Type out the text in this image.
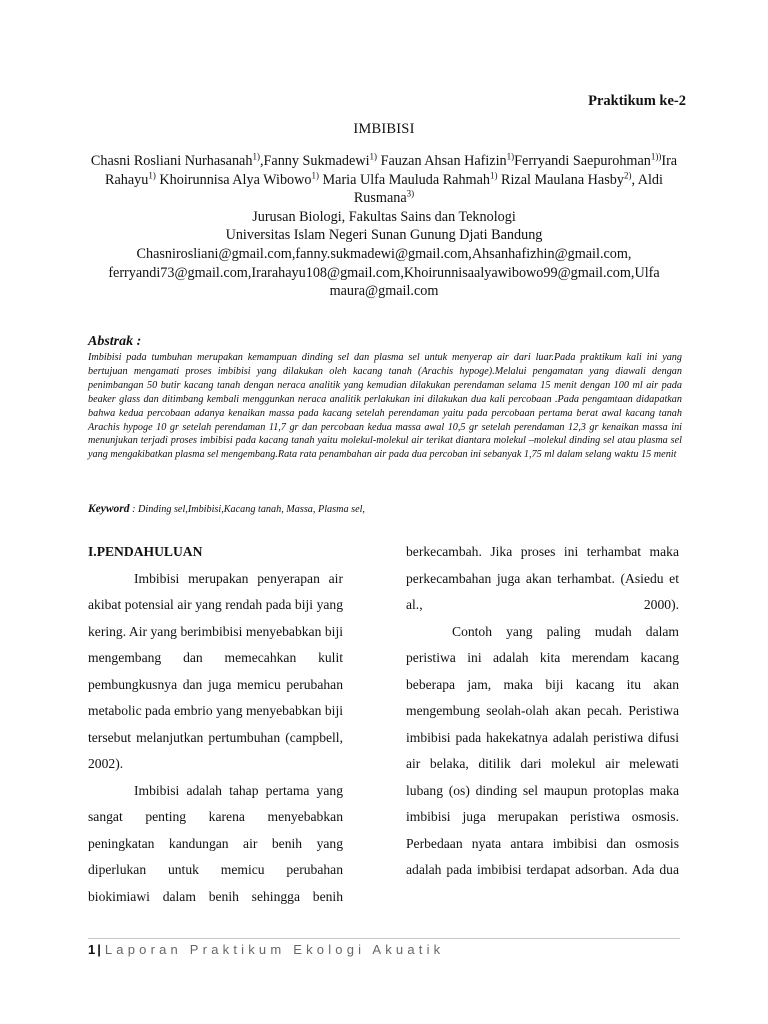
Praktikum ke-2
IMBIBISI
Chasni Rosliani Nurhasanah$^{1)}$,Fanny Sukmadewi$^{1)}$ Fauzan Ahsan Hafizin$^{1)}$Ferryandi Saepurohman$^{1))}$Ira Rahayu$^{1)}$ Khoirunnisa Alya Wibowo$^{1)}$ Maria Ulfa Mauluda Rahmah$^{1)}$ Rizal Maulana Hasby$^{2)}$, Aldi Rusmana$^{3)}$
Jurusan Biologi, Fakultas Sains dan Teknologi
Universitas Islam Negeri Sunan Gunung Djati Bandung
Chasnirosliani@gmail.com,fanny.sukmadewi@gmail.com,Ahsanhafizhin@gmail.com,
ferryandi73@gmail.com,Irarahayu108@gmail.com,Khoirunnisaalyawibowo99@gmail.com,Ulfa
maura@gmail.com
Abstrak :
Imbibisi pada tumbuhan merupakan kemampuan dinding sel dan plasma sel untuk menyerap air dari luar.Pada praktikum kali ini yang bertujuan mengamati proses imbibisi yang dilakukan oleh kacang tanah (Arachis hypoge).Melalui pengamatan yang diawali dengan penimbangan 50 butir kacang tanah dengan neraca analitik yang kemudian dilakukan perendaman selama 15 menit dengan 100 ml air pada beaker glass dan ditimbang kembali menggunkan neraca analitik perlakukan ini dilakukan dua kali percobaan .Pada pengamtaan didapatkan bahwa kedua percobaan adanya kenaikan massa pada kacang setelah perendaman yaitu pada percobaan pertama berat awal kacang tanah Arachis hypoge 10 gr setelah perendaman 11,7 gr dan percobaan kedua massa awal 10,5 gr setelah perendaman 12,3 gr kenaikan massa ini menunjukan terjadi proses imbibisi pada kacang tanah yaitu molekul-molekul air terikat diantara molekul –molekul dinding sel atau plasma sel yang mengakibatkan plasma sel mengembang.Rata rata penambahan air pada dua percoban ini sebanyak 1,75 ml dalam selang waktu 15 menit
Keyword : Dinding sel,Imbibisi,Kacang tanah, Massa, Plasma sel,

I.PENDAHULUAN

Imbibisi merupakan penyerapan air akibat potensial air yang rendah pada biji yang kering. Air yang berimbibisi menyebabkan biji mengembang dan memecahkan kulit pembungkusnya dan juga memicu perubahan metabolic pada embrio yang menyebabkan biji tersebut melanjutkan pertumbuhan (campbell, 2002).

Imbibisi adalah tahap pertama yang sangat penting karena menyebabkan peningkatan kandungan air benih yang diperlukan untuk memicu perubahan biokimiawi dalam benih sehingga benih

berkecambah. Jika proses ini terhambat maka perkecambahan juga akan terhambat. (Asiedu et al., 2000).

Contoh yang paling mudah dalam peristiwa ini adalah kita merendam kacang beberapa jam, maka biji kacang itu akan mengembung seolah-olah akan pecah. Peristiwa imbibisi pada hakekatnya adalah peristiwa difusi air belaka, ditilik dari molekul air melewati lubang (os) dinding sel maupun protoplas maka imbibisi juga merupakan peristiwa osmosis. Perbedaan nyata antara imbibisi dan osmosis adalah pada imbibisi terdapat adsorban. Ada dua

1 | Laporan Praktikum Ekologi Akuatik
